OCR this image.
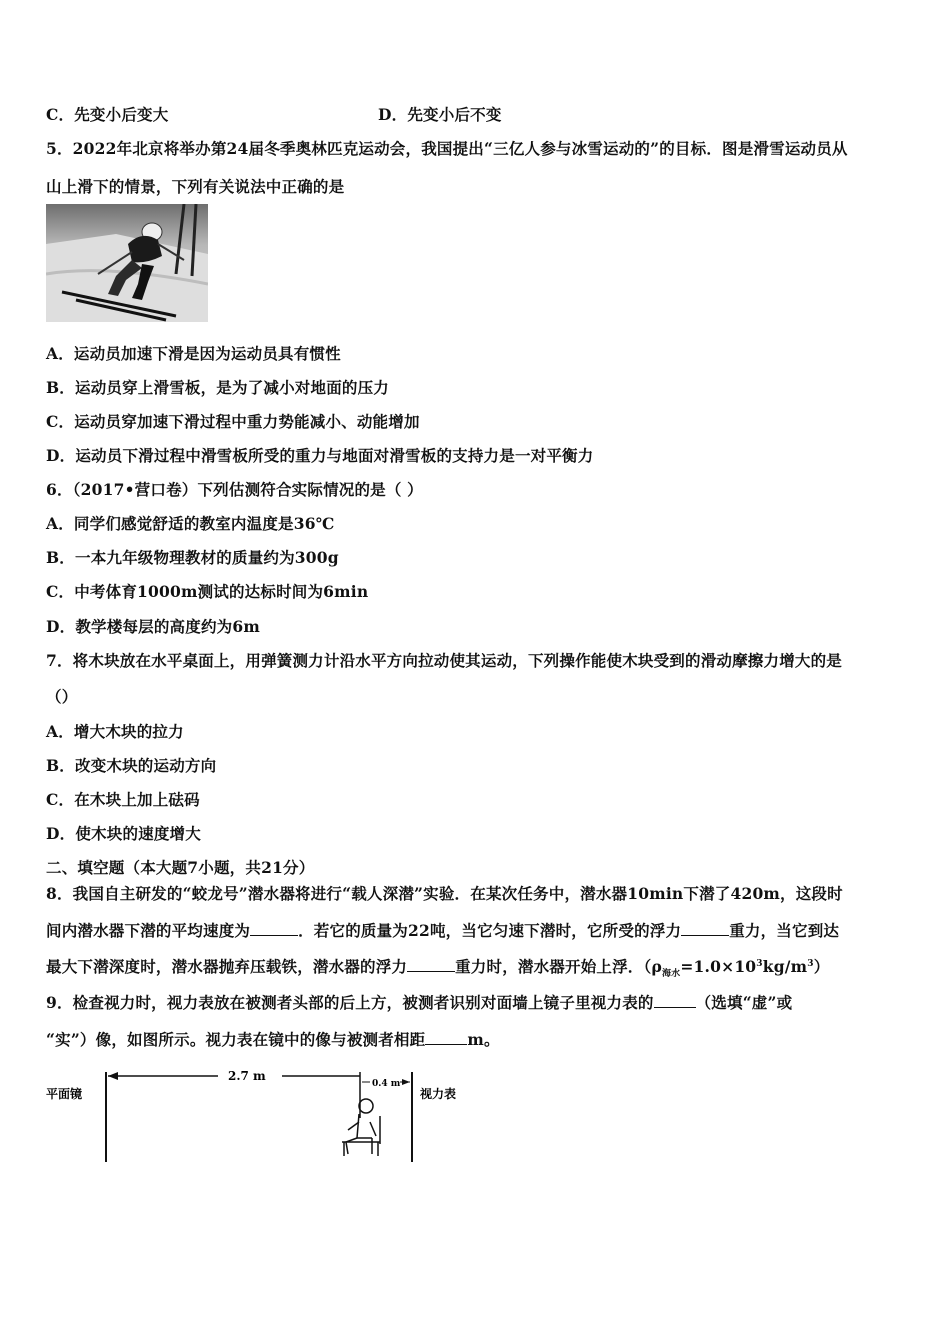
C．先变小后变大	D．先变小后不变
5．2022年北京将举办第24届冬季奥林匹克运动会，我国提出“三亿人参与冰雪运动的”的目标．图是滑雪运动员从
山上滑下的情景，下列有关说法中正确的是
A．运动员加速下滑是因为运动员具有惯性
B．运动员穿上滑雪板，是为了减小对地面的压力
C．运动员穿加速下滑过程中重力势能减小、动能增加
D．运动员下滑过程中滑雪板所受的重力与地面对滑雪板的支持力是一对平衡力
6．（2017•营口卷）下列估测符合实际情况的是（ ）
A．同学们感觉舒适的教室内温度是36℃
B．一本九年级物理教材的质量约为300g
C．中考体育1000m测试的达标时间为6min
D．教学楼每层的高度约为6m
7．将木块放在水平桌面上，用弹簧测力计沿水平方向拉动使其运动，下列操作能使木块受到的滑动摩擦力增大的是
（）
A．增大木块的拉力
B．改变木块的运动方向
C．在木块上加上砝码
D．使木块的速度增大
二、填空题（本大题7小题，共21分）
8．我国自主研发的“蛟龙号”潜水器将进行“载人深潜”实验．在某次任务中，潜水器10min下潜了420m，这段时
间内潜水器下潜的平均速度为	．若它的质量为22吨，当它匀速下潜时，它所受的浮力	重力，当它到达
最大下潜深度时，潜水器抛弃压载铁，潜水器的浮力	重力时，潜水器开始上浮．$(\rho_{海水}=1.0\times 10^3kg/m^3)$
9．检查视力时，视力表放在被测者头部的后上方，被测者识别对面墙上镜子里视力表的	（选填“虚”或
“实”）像，如图所示。视力表在镜中的像与被测者相距	m。
2.7 m
0.4 m
平面镜	视力表
